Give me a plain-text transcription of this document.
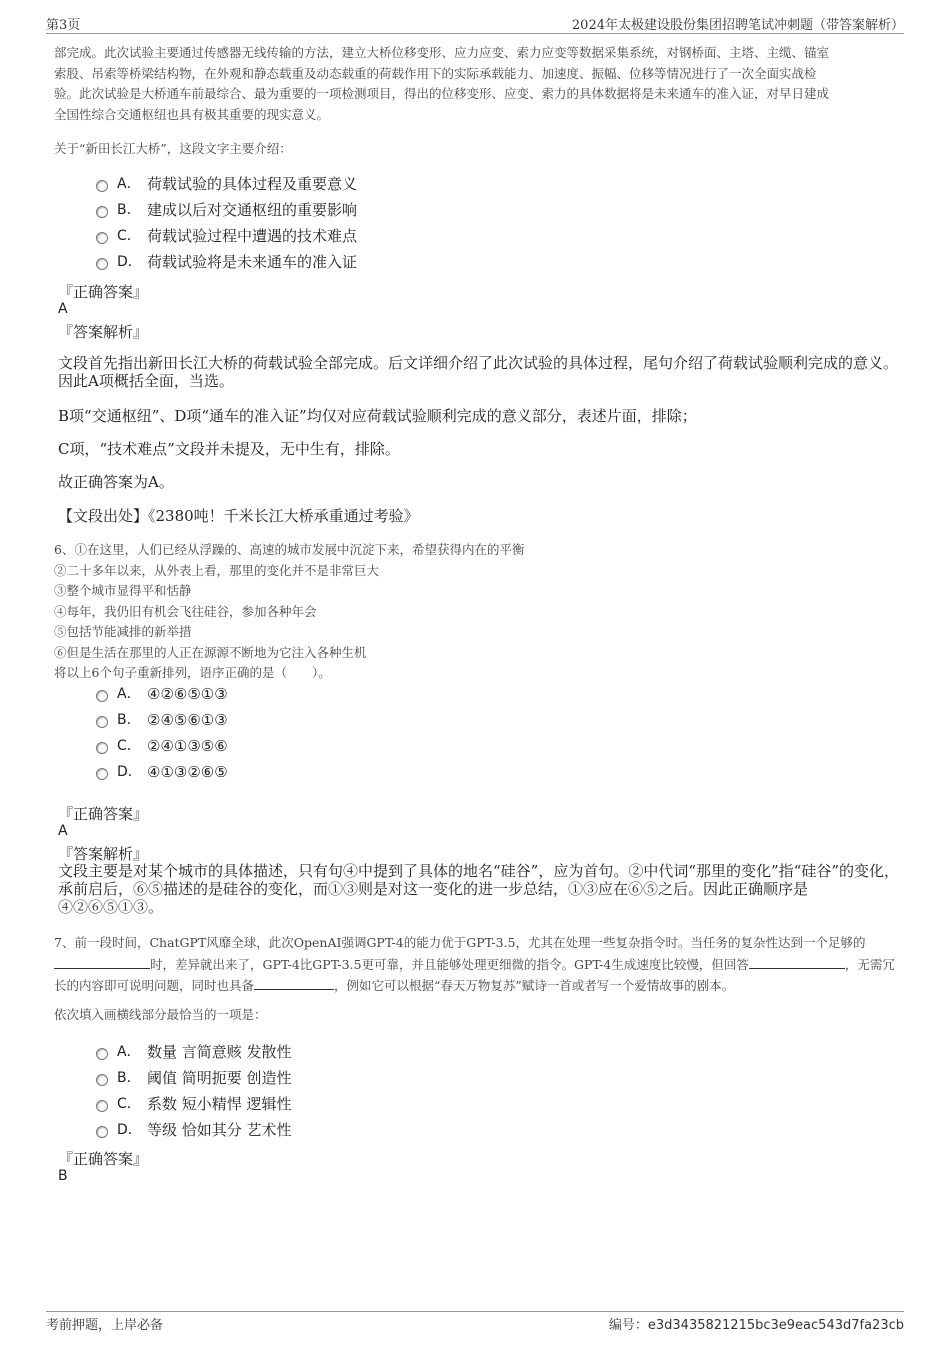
第3页	2024年太极建设股份集团招聘笔试冲刺题（带答案解析）

部完成。此次试验主要通过传感器无线传输的方法，建立大桥位移变形、应力应变、索力应变等数据采集系统，对钢桥面、主塔、主缆、锚室

索股、吊索等桥梁结构物，在外观和静态载重及动态载重的荷载作用下的实际承载能力、加速度、振幅、位移等情况进行了一次全面实战检

验。此次试验是大桥通车前最综合、最为重要的一项检测项目，得出的位移变形、应变、索力的具体数据将是未来通车的准入证，对早日建成

全国性综合交通枢纽也具有极其重要的现实意义。

关于“新田长江大桥”，这段文字主要介绍：
A． 荷载试验的具体过程及重要意义
B． 建成以后对交通枢纽的重要影响
C． 荷载试验过程中遭遇的技术难点
D． 荷载试验将是未来通车的准入证
『正确答案』
A
『答案解析』
文段首先指出新田长江大桥的荷载试验全部完成。后文详细介绍了此次试验的具体过程，尾句介绍了荷载试验顺利完成的意义。因此A项概括全面，当选。
B项“交通枢纽”、D项“通车的准入证”均仅对应荷载试验顺利完成的意义部分，表述片面，排除；
C项，“技术难点”文段并未提及，无中生有，排除。
故正确答案为A。
【文段出处】《2380吨！千米长江大桥承重通过考验》

6、①在这里，人们已经从浮躁的、高速的城市发展中沉淀下来，希望获得内在的平衡

②二十多年以来，从外表上看，那里的变化并不是非常巨大

③整个城市显得平和恬静

④每年，我仍旧有机会飞往硅谷，参加各种年会

⑤包括节能减排的新举措

⑥但是生活在那里的人正在源源不断地为它注入各种生机

将以上6个句子重新排列，语序正确的是（　　）。

A． ④②⑥⑤①③
B． ②④⑤⑥①③
C． ②④①③⑤⑥
D． ④①③②⑥⑤
『正确答案』
A
『答案解析』
文段主要是对某个城市的具体描述，只有句④中提到了具体的地名“硅谷”，应为首句。②中代词“那里的变化”指“硅谷”的变化，承前启后，⑥⑤描述的是硅谷的变化，而①③则是对这一变化的进一步总结，①③应在⑥⑤之后。因此正确顺序是④②⑥⑤①③。
7、前一段时间，ChatGPT风靡全球，此次OpenAI强调GPT-4的能力优于GPT-3.5，尤其在处理一些复杂指令时。当任务的复杂性达到一个足够的时，差异就出来了，GPT-4比GPT-3.5更可靠，并且能够处理更细微的指令。GPT-4生成速度比较慢，但回答	，无需冗长的内容即可说明问题，同时也具备	，例如它可以根据“春天万物复苏”赋诗一首或者写一个爱情故事的剧本。
依次填入画横线部分最恰当的一项是：
A． 数量 言简意赅 发散性
B． 阈值 简明扼要 创造性
C． 系数 短小精悍 逻辑性
D． 等级 恰如其分 艺术性
『正确答案』
B
考前押题，上岸必备	编号：e3d3435821215bc3e9eac543d7fa23cb
